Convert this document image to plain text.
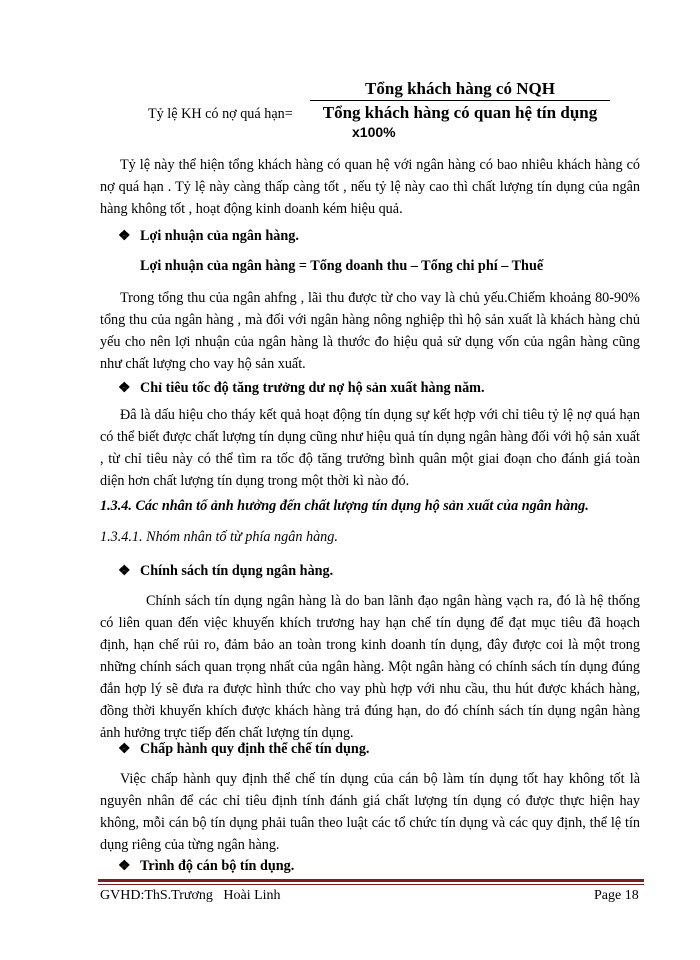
Tỷ lệ KH có nợ quá hạn=
Tổng khách hàng có NQH
Tổng khách hàng có quan hệ tín dụng
x100%

Tỷ lệ này thể hiện tổng khách hàng có quan hệ với ngân hàng có bao nhiêu khách hàng có nợ quá hạn . Tỷ lệ này càng thấp càng tốt , nếu tỷ lệ này cao thì chất lượng tín dụng của ngân hàng không tốt , hoạt động kinh doanh kém hiệu quả.

❖ Lợi nhuận của ngân hàng.
Lợi nhuận của ngân hàng = Tổng doanh thu – Tổng chi phí – Thuế

Trong tổng thu của ngân ahfng , lãi thu được từ cho vay là chủ yếu.Chiếm khoảng 80-90% tổng thu của ngân hàng , mà đối với ngân hàng nông nghiệp thì hộ sản xuất là khách hàng chủ yếu cho nên lợi nhuận của ngân hàng là thước đo hiệu quả sử dụng vốn của ngân hàng cũng như chất lượng cho vay hộ sản xuất.

❖ Chỉ tiêu tốc độ tăng trưởng dư nợ hộ sản xuất hàng năm.

Đâ là dấu hiệu cho tháy kết quả hoạt động tín dụng sự kết hợp với chỉ tiêu tỷ lệ nợ quá hạn có thể biết được chất lượng tín dụng cũng như hiệu quả tín dụng ngân hàng đối với hộ sản xuất , từ chỉ tiêu này có thể tìm ra tốc độ tăng trưởng bình quân một giai đoạn cho đánh giá toàn diện hơn chất lượng tín dụng trong một thời kì nào đó.

1.3.4. Các nhân tố ảnh hưởng đến chất lượng tín dụng hộ sản xuất của ngân hàng.
1.3.4.1. Nhóm nhân tố từ phía ngân hàng.
❖ Chính sách tín dụng ngân hàng.

Chính sách tín dụng ngân hàng là do ban lãnh đạo ngân hàng vạch ra, đó là hệ thống có liên quan đến việc khuyến khích trương hay hạn chế tín dụng để đạt mục tiêu đã hoạch định, hạn chế rủi ro, đảm bảo an toàn trong kinh doanh tín dụng, đây được coi là một trong những chính sách quan trọng nhất của ngân hàng. Một ngân hàng có chính sách tín dụng đúng đắn hợp lý sẽ đưa ra được hình thức cho vay phù hợp với nhu cầu, thu hút được khách hàng, đồng thời khuyến khích được khách hàng trả đúng hạn, do đó chính sách tín dụng ngân hàng ảnh hưởng trực tiếp đến chất lượng tín dụng.

❖ Chấp hành quy định thể chế tín dụng.

Việc chấp hành quy định thể chế tín dụng của cán bộ làm tín dụng tốt hay không tốt là nguyên nhân để các chỉ tiêu định tính đánh giá chất lượng tín dụng có được thực hiện hay không, mỗi cán bộ tín dụng phải tuân theo luật các tổ chức tín dụng và các quy định, thể lệ tín dụng riêng của từng ngân hàng.

❖ Trình độ cán bộ tín dụng.
GVHD:ThS.Trương   Hoài Linh	Page 18
